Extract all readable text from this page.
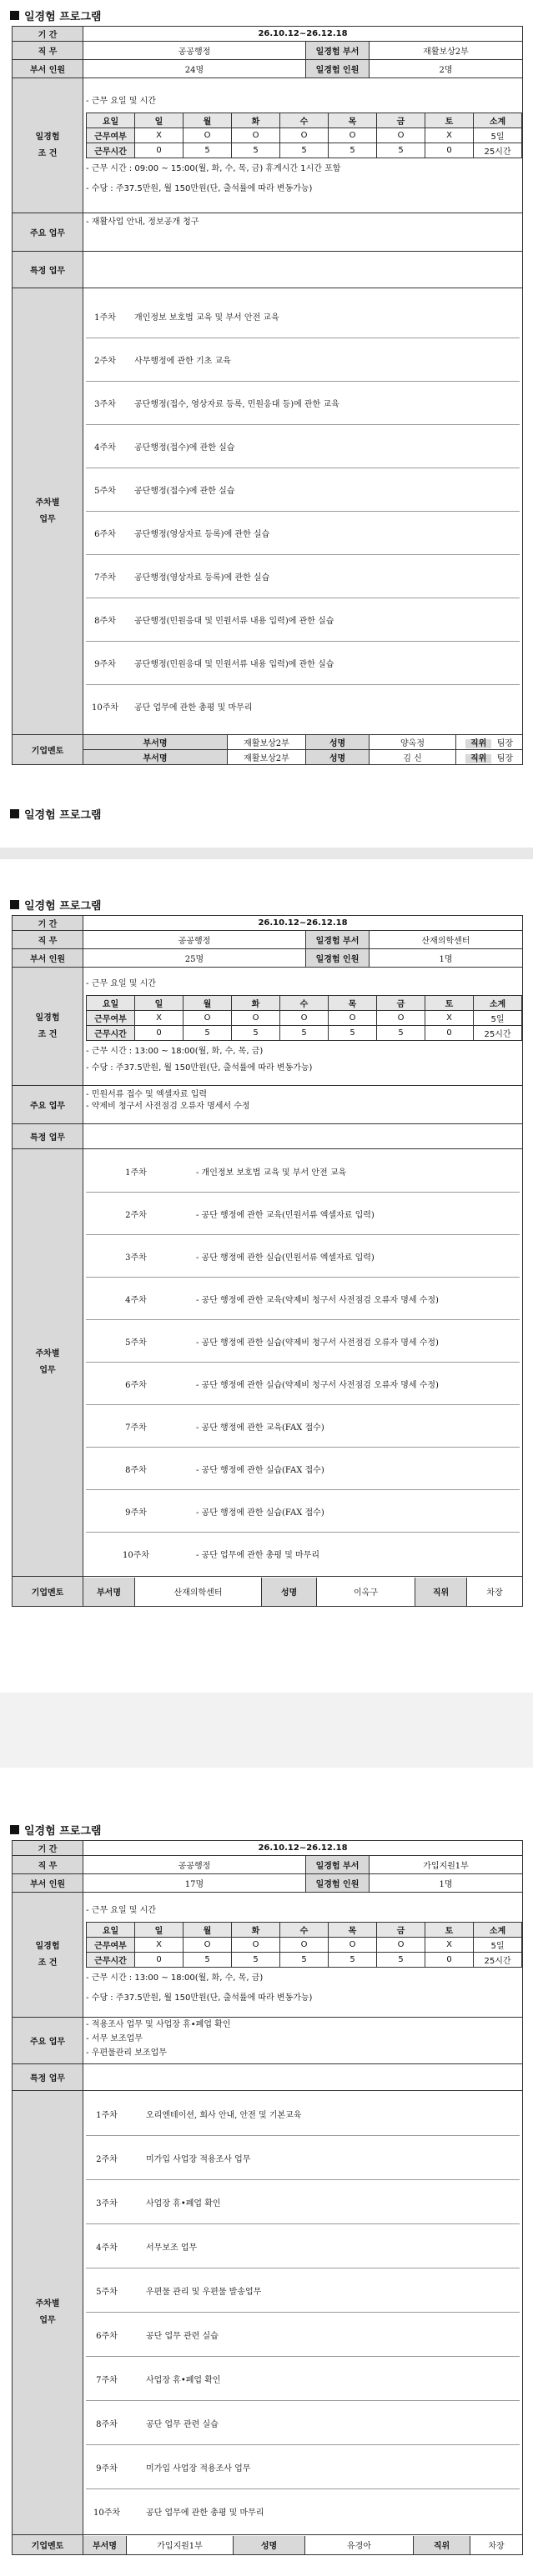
일경험 프로그램
기 간	26.10.12~26.12.18
직 무	공공행정	일경험 부서	재활보상2부
부서 인원	24명	일경험 인원	2명
일경험
조 건	
- 근무 요일 및 시간
요일	일	월	화	수	목	금	토	소계
근무여부	X	O	O	O	O	O	X	5일
근무시간	0	5	5	5	5	5	0	25시간
- 근무 시간 : 09:00 ~ 15:00(월, 화, 수, 목, 금) 휴게시간 1시간 포함
- 수당 : 주37.5만원, 월 150만원(단, 출석률에 따라 변동가능)

주요 업무	
- 재활사업 안내, 정보공개 청구

특정 업무	
주차별
업무	
1주차	개인정보 보호법 교육 및 부서 안전 교육
2주차	사무행정에 관한 기초 교육
3주차	공단행정(접수, 영상자료 등록, 민원응대 등)에 관한 교육
4주차	공단행정(접수)에 관한 실습
5주차	공단행정(접수)에 관한 실습
6주차	공단행정(영상자료 등록)에 관한 실습
7주차	공단행정(영상자료 등록)에 관한 실습
8주차	공단행정(민원응대 및 민원서류 내용 입력)에 관한 실습
9주차	공단행정(민원응대 및 민원서류 내용 입력)에 관한 실습
10주차	공단 업무에 관한 총평 및 마무리

기업멘토	부서명	재활보상2부	성명	양옥정	직위 팀장
부서명	재활보상2부	성명	김 신	직위 팀장
일경험 프로그램
일경험 프로그램
기 간	26.10.12~26.12.18
직 무	공공행정	일경험 부서	산재의학센터
부서 인원	25명	일경험 인원	1명
일경험
조 건	
- 근무 요일 및 시간
요일	일	월	화	수	목	금	토	소계
근무여부	X	O	O	O	O	O	X	5일
근무시간	0	5	5	5	5	5	0	25시간
- 근무 시간 : 13:00 ~ 18:00(월, 화, 수, 목, 금)
- 수당 : 주37.5만원, 월 150만원(단, 출석률에 따라 변동가능)

주요 업무	
- 민원서류 접수 및 엑셀자료 입력
- 약제비 청구서 사전점검 오류자 명세서 수정

특정 업무	
주차별
업무	
1주차	- 개인정보 보호법 교육 및 부서 안전 교육
2주차	- 공단 행정에 관한 교육(민원서류 엑셀자료 입력)
3주차	- 공단 행정에 관한 실습(민원서류 엑셀자료 입력)
4주차	- 공단 행정에 관한 교육(약제비 청구서 사전점검 오류자 명세 수정)
5주차	- 공단 행정에 관한 실습(약제비 청구서 사전점검 오류자 명세 수정)
6주차	- 공단 행정에 관한 실습(약제비 청구서 사전점검 오류자 명세 수정)
7주차	- 공단 행정에 관한 교육(FAX 접수)
8주차	- 공단 행정에 관한 실습(FAX 접수)
9주차	- 공단 행정에 관한 실습(FAX 접수)
10주차	- 공단 업무에 관한 총평 및 마무리

기업멘토	부서명	산재의학센터	성명	이옥구	직위	차장
일경험 프로그램
기 간	26.10.12~26.12.18
직 무	공공행정	일경험 부서	가입지원1부
부서 인원	17명	일경험 인원	1명
일경험
조 건	
- 근무 요일 및 시간
요일	일	월	화	수	목	금	토	소계
근무여부	X	O	O	O	O	O	X	5일
근무시간	0	5	5	5	5	5	0	25시간
- 근무 시간 : 13:00 ~ 18:00(월, 화, 수, 목, 금)
- 수당 : 주37.5만원, 월 150만원(단, 출석률에 따라 변동가능)

주요 업무	
- 적용조사 업무 및 사업장 휴•폐업 확인
- 서무 보조업무
- 우편물관리 보조업무

특정 업무	
주차별
업무	
1주차	오리엔테이션, 회사 안내, 안전 및 기본교육
2주차	미가입 사업장 적용조사 업무
3주차	사업장 휴•폐업 확인
4주차	서무보조 업무
5주차	우편물 관리 및 우편물 발송업무
6주차	공단 업무 관련 실습
7주차	사업장 휴•폐업 확인
8주차	공단 업무 관련 실습
9주차	미가입 사업장 적용조사 업무
10주차	공단 업무에 관한 총평 및 마무리

기업멘토	부서명	가입지원1부	성명	유경아	직위	차장
